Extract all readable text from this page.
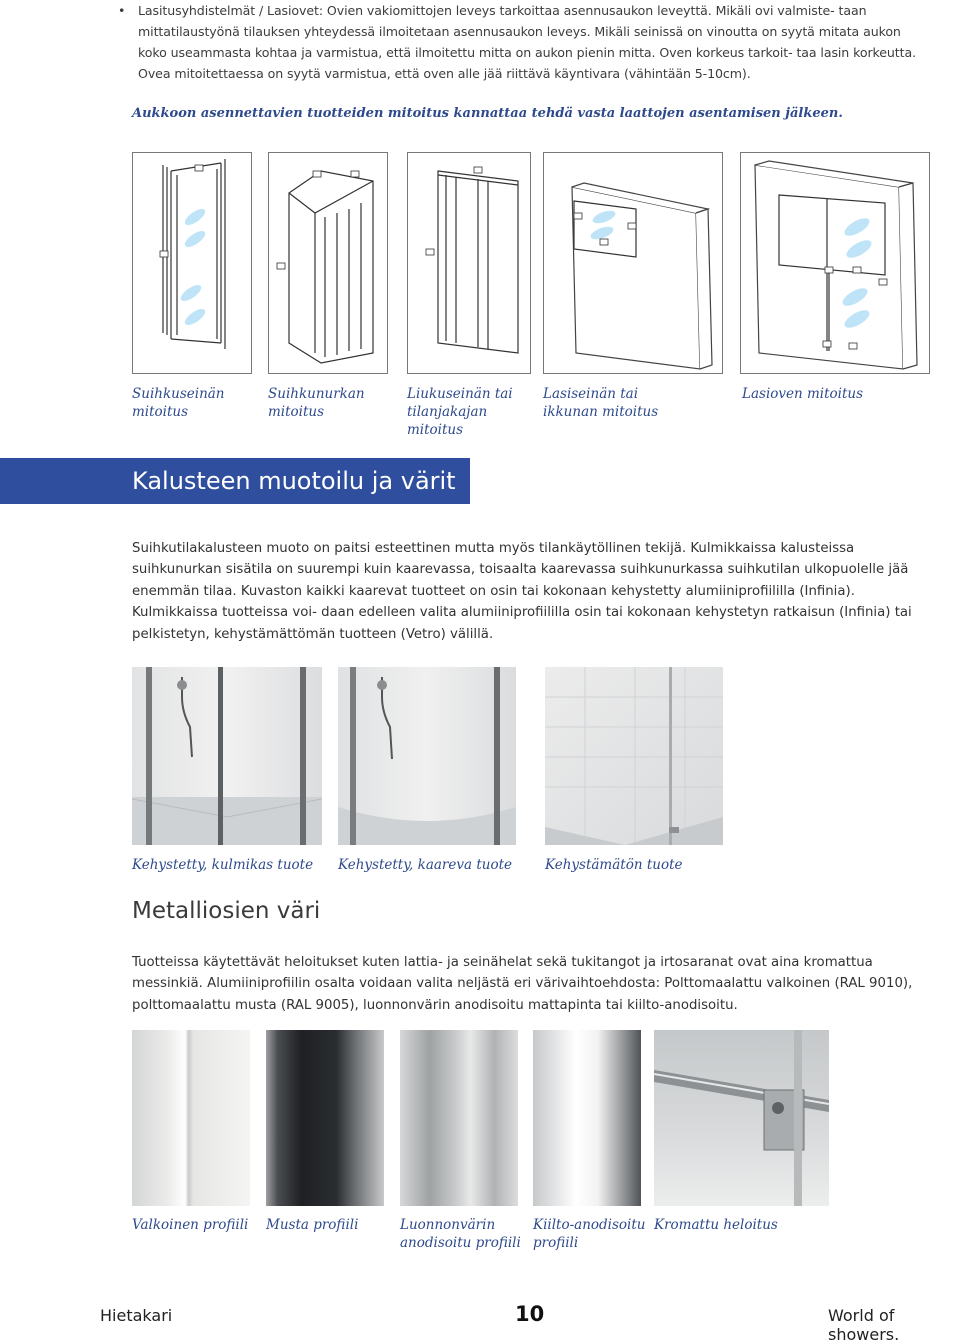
• Lasitusyhdistelmät / Lasiovet: Ovien vakiomittojen leveys tarkoittaa asennusaukon leveyttä. Mikäli ovi valmiste- taan mittatilaustyönä tilauksen yhteydessä ilmoitetaan asennusaukon leveys. Mikäli seinissä on vinoutta on syytä mitata aukon koko useammasta kohtaa ja varmistua, että ilmoitettu mitta on aukon pienin mitta. Oven korkeus tarkoit- taa lasin korkeutta. Ovea mitoitettaessa on syytä varmistua, että oven alle jää riittävä käyntivara (vähintään 5-10cm).

Aukkoon asennettavien tuotteiden mitoitus kannattaa tehdä vasta laattojen asentamisen jälkeen.
Suihkuseinän mitoitus
Suihkunurkan mitoitus
Liukuseinän tai tilanjakajan mitoitus
Lasiseinän tai ikkunan mitoitus
Lasioven mitoitus
Kalusteen muotoilu ja värit
Suihkutilakalusteen muoto on paitsi esteettinen mutta myös tilankäytöllinen tekijä. Kulmikkaissa kalusteissa suihkunurkan sisätila on suurempi kuin kaarevassa, toisaalta kaarevassa suihkunurkassa suihkutilan ulkopuolelle jää enemmän tilaa. Kuvaston kaikki kaarevat tuotteet on osin tai kokonaan kehystetty alumiiniprofiililla (Infinia). Kulmikkaissa tuotteissa voi- daan edelleen valita alumiiniprofiililla osin tai kokonaan kehystetyn ratkaisun (Infinia) tai pelkistetyn, kehystämättömän tuotteen (Vetro) välillä.
Kehystetty, kulmikas tuote Kehystetty, kaareva tuote Kehystämätön tuote
Metalliosien väri
Tuotteissa käytettävät heloitukset kuten lattia- ja seinähelat sekä tukitangot ja irtosaranat ovat aina kromattua messinkiä. Alumiiniprofiilin osalta voidaan valita neljästä eri värivaihtoehdosta: Polttomaalattu valkoinen (RAL 9010), polttomaalattu musta (RAL 9005), luonnonvärin anodisoitu mattapinta tai kiilto-anodisoitu.
Valkoinen profiili Musta profiili	Luonnonvärin anodisoitu profiili
Kiilto-anodisoitu profiili
Kromattu heloitus
Hietakari	10	World of showers.
